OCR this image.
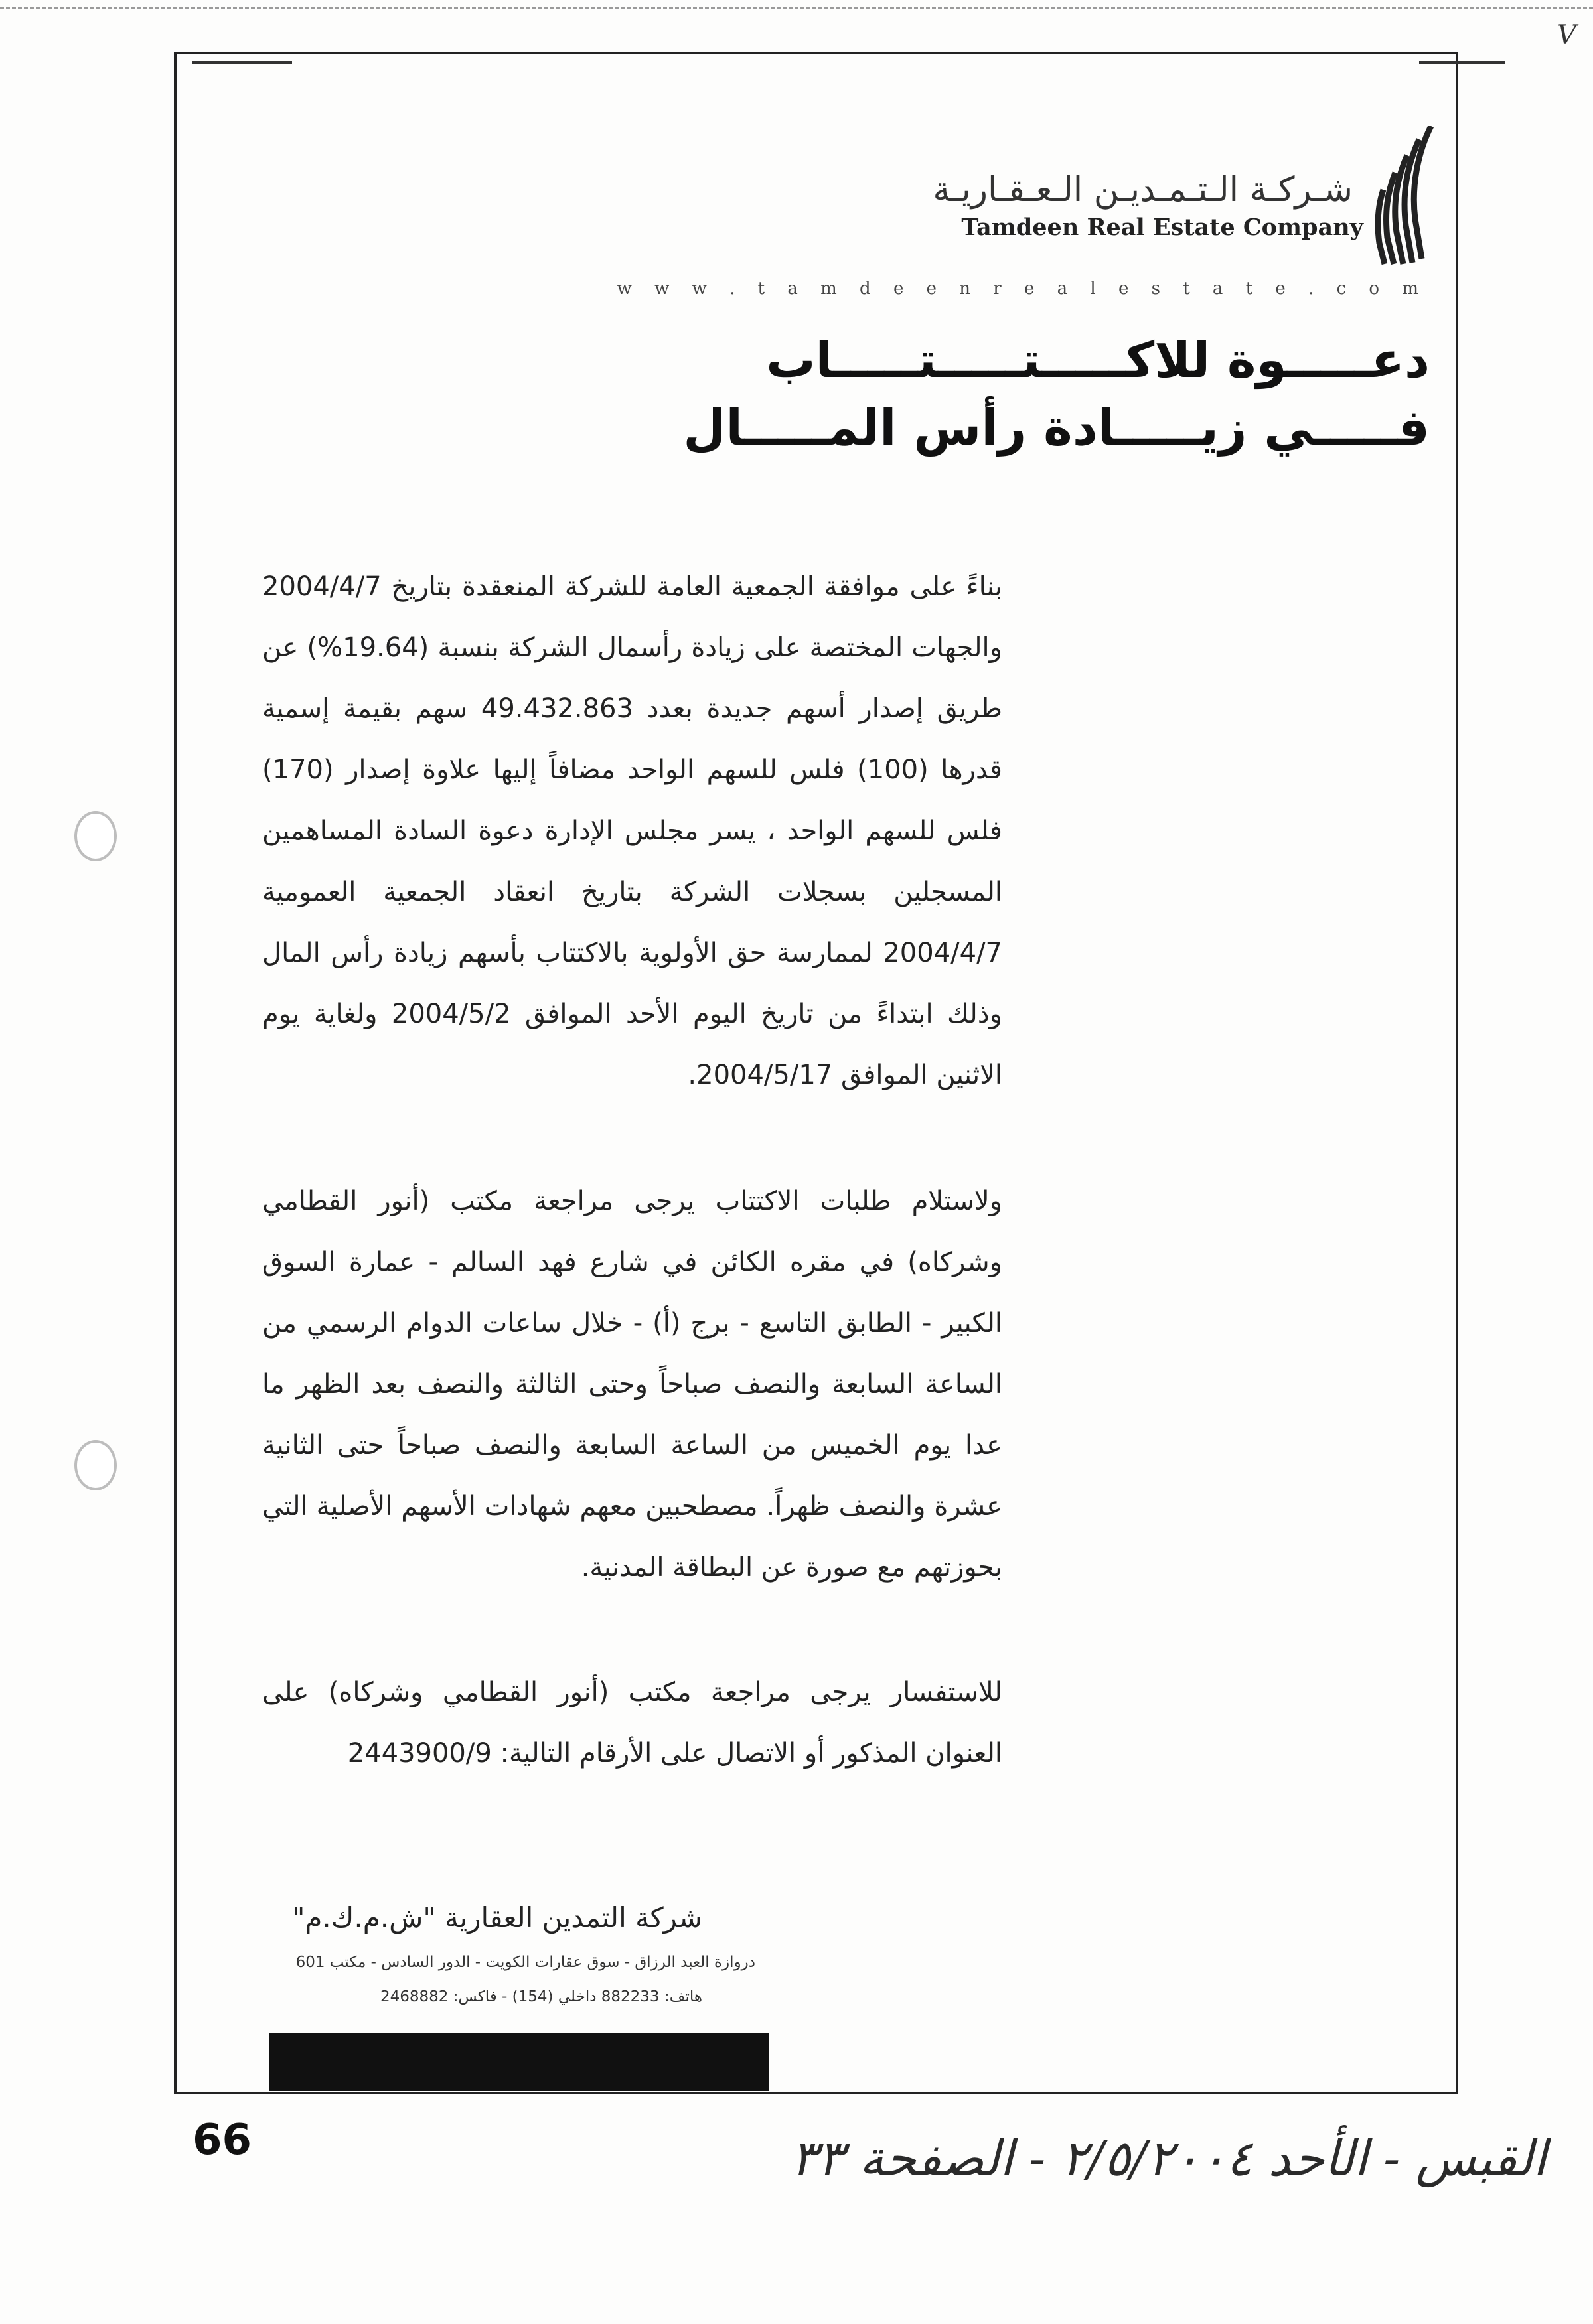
V
شـركـة الـتـمـديـن الـعـقـاريـة
Tamdeen Real Estate Company
w w w . t a m d e e n r e a l e s t a t e . c o m
دعـــــوة للاكـــــتـــــتـــــاب
فـــــي زيـــــادة رأس المـــــال

بناءً على موافقة الجمعية العامة للشركة المنعقدة بتاريخ 2004/4/7 والجهات المختصة على زيادة رأسمال الشركة بنسبة (19.64%) عن طريق إصدار أسهم جديدة بعدد 49.432.863 سهم بقيمة إسمية قدرها (100) فلس للسهم الواحد مضافاً إليها علاوة إصدار (170) فلس للسهم الواحد ، يسر مجلس الإدارة دعوة السادة المساهمين المسجلين بسجلات الشركة بتاريخ انعقاد الجمعية العمومية 2004/4/7 لممارسة حق الأولوية بالاكتتاب بأسهم زيادة رأس المال وذلك ابتداءً من تاريخ اليوم الأحد الموافق 2004/5/2 ولغاية يوم الاثنين الموافق 2004/5/17.

ولاستلام طلبات الاكتتاب يرجى مراجعة مكتب (أنور القطامي وشركاه) في مقره الكائن في شارع فهد السالم - عمارة السوق الكبير - الطابق التاسع - برج (أ) - خلال ساعات الدوام الرسمي من الساعة السابعة والنصف صباحاً وحتى الثالثة والنصف بعد الظهر ما عدا يوم الخميس من الساعة السابعة والنصف صباحاً حتى الثانية عشرة والنصف ظهراً. مصطحبين معهم شهادات الأسهم الأصلية التي بحوزتهم مع صورة عن البطاقة المدنية.

للاستفسار يرجى مراجعة مكتب (أنور القطامي وشركاه) على العنوان المذكور أو الاتصال على الأرقام التالية: 2443900/9

شركة التمدين العقارية "ش.م.ك.م"
دروازة العبد الرزاق - سوق عقارات الكويت - الدور السادس - مكتب 601
هاتف: 882233 داخلي (154) - فاكس: 2468882
66	القبس - الأحد ٢/٥/٢٠٠٤ - الصفحة ٣٣
